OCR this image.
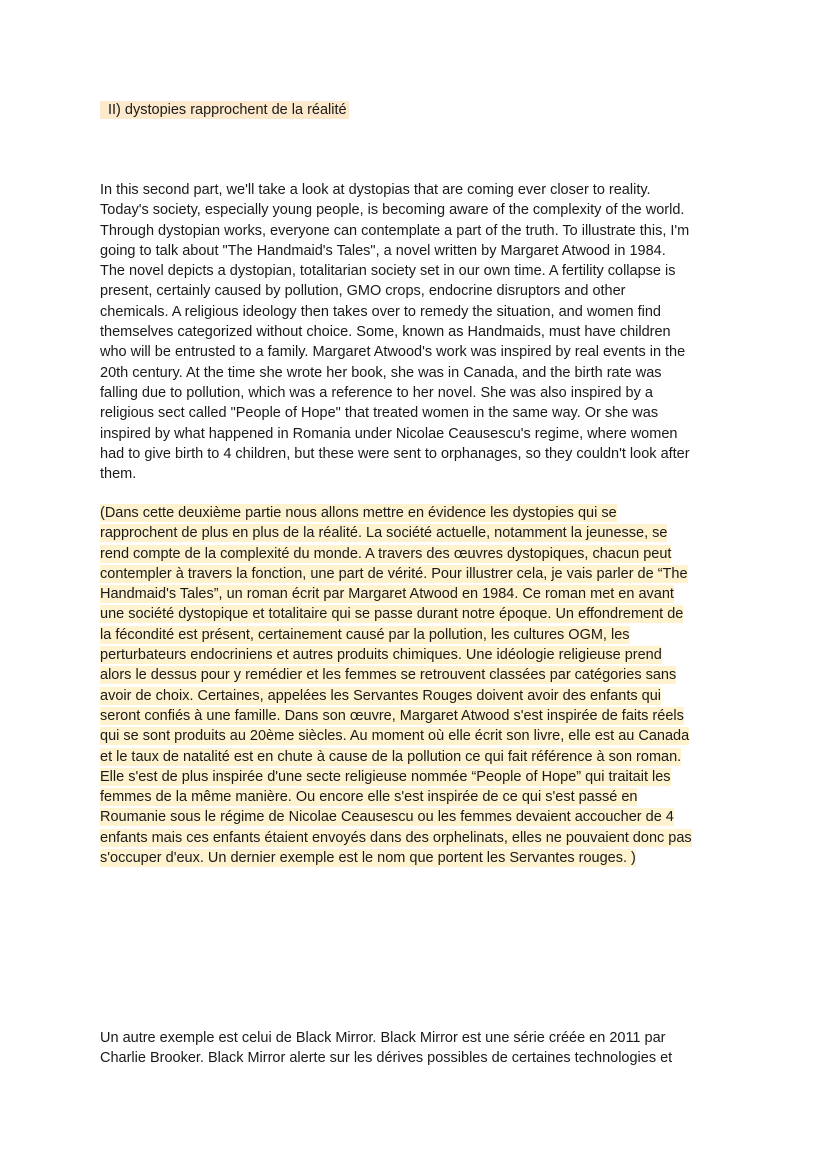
II) dystopies rapprochent de la réalité
In this second part, we'll take a look at dystopias that are coming ever closer to reality.
Today's society, especially young people, is becoming aware of the complexity of the world.
Through dystopian works, everyone can contemplate a part of the truth. To illustrate this, I'm
going to talk about "The Handmaid's Tales", a novel written by Margaret Atwood in 1984.
The novel depicts a dystopian, totalitarian society set in our own time. A fertility collapse is
present, certainly caused by pollution, GMO crops, endocrine disruptors and other
chemicals. A religious ideology then takes over to remedy the situation, and women find
themselves categorized without choice. Some, known as Handmaids, must have children
who will be entrusted to a family. Margaret Atwood's work was inspired by real events in the
20th century. At the time she wrote her book, she was in Canada, and the birth rate was
falling due to pollution, which was a reference to her novel. She was also inspired by a
religious sect called "People of Hope" that treated women in the same way. Or she was
inspired by what happened in Romania under Nicolae Ceausescu's regime, where women
had to give birth to 4 children, but these were sent to orphanages, so they couldn't look after
them.
(Dans cette deuxième partie nous allons mettre en évidence les dystopies qui se
rapprochent de plus en plus de la réalité. La société actuelle, notamment la jeunesse, se
rend compte de la complexité du monde. A travers des œuvres dystopiques, chacun peut
contempler à travers la fonction, une part de vérité. Pour illustrer cela, je vais parler de “The
Handmaid's Tales”, un roman écrit par Margaret Atwood en 1984. Ce roman met en avant
une société dystopique et totalitaire qui se passe durant notre époque. Un effondrement de
la fécondité est présent, certainement causé par la pollution, les cultures OGM, les
perturbateurs endocriniens et autres produits chimiques. Une idéologie religieuse prend
alors le dessus pour y remédier et les femmes se retrouvent classées par catégories sans
avoir de choix. Certaines, appelées les Servantes Rouges doivent avoir des enfants qui
seront confiés à une famille. Dans son œuvre, Margaret Atwood s'est inspirée de faits réels
qui se sont produits au 20ème siècles. Au moment où elle écrit son livre, elle est au Canada
et le taux de natalité est en chute à cause de la pollution ce qui fait référence à son roman.
Elle s'est de plus inspirée d'une secte religieuse nommée “People of Hope” qui traitait les
femmes de la même manière. Ou encore elle s'est inspirée de ce qui s'est passé en
Roumanie sous le régime de Nicolae Ceausescu ou les femmes devaient accoucher de 4
enfants mais ces enfants étaient envoyés dans des orphelinats, elles ne pouvaient donc pas
s'occuper d'eux. Un dernier exemple est le nom que portent les Servantes rouges. )
Un autre exemple est celui de Black Mirror. Black Mirror est une série créée en 2011 par
Charlie Brooker. Black Mirror alerte sur les dérives possibles de certaines technologies et
